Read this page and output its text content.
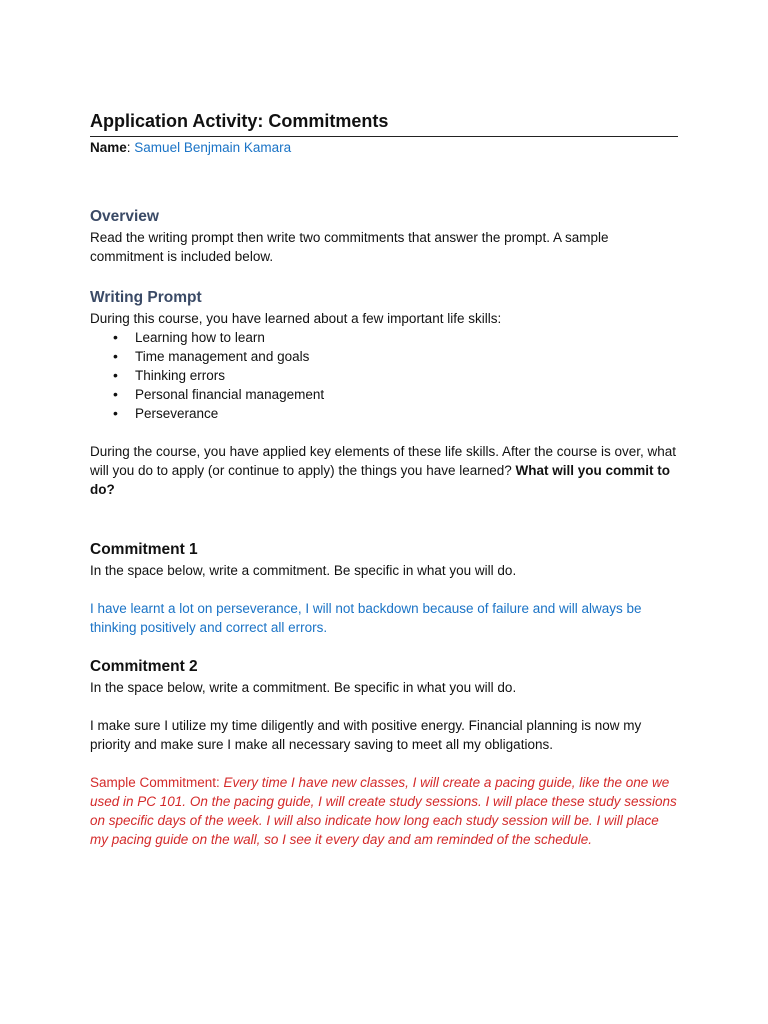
Application Activity: Commitments
Name: Samuel Benjmain Kamara
Overview

Read the writing prompt then write two commitments that answer the prompt. A sample commitment is included below.

Writing Prompt

During this course, you have learned about a few important life skills:

• Learning how to learn
• Time management and goals
• Thinking errors
• Personal financial management
• Perseverance

During the course, you have applied key elements of these life skills. After the course is over, what will you do to apply (or continue to apply) the things you have learned? What will you commit to do?

Commitment 1

In the space below, write a commitment. Be specific in what you will do.

I have learnt a lot on perseverance, I will not backdown because of failure and will always be thinking positively and correct all errors.

Commitment 2

In the space below, write a commitment. Be specific in what you will do.

I make sure I utilize my time diligently and with positive energy. Financial planning is now my priority and make sure I make all necessary saving to meet all my obligations.

Sample Commitment: Every time I have new classes, I will create a pacing guide, like the one we used in PC 101. On the pacing guide, I will create study sessions. I will place these study sessions on specific days of the week. I will also indicate how long each study session will be. I will place my pacing guide on the wall, so I see it every day and am reminded of the schedule.
